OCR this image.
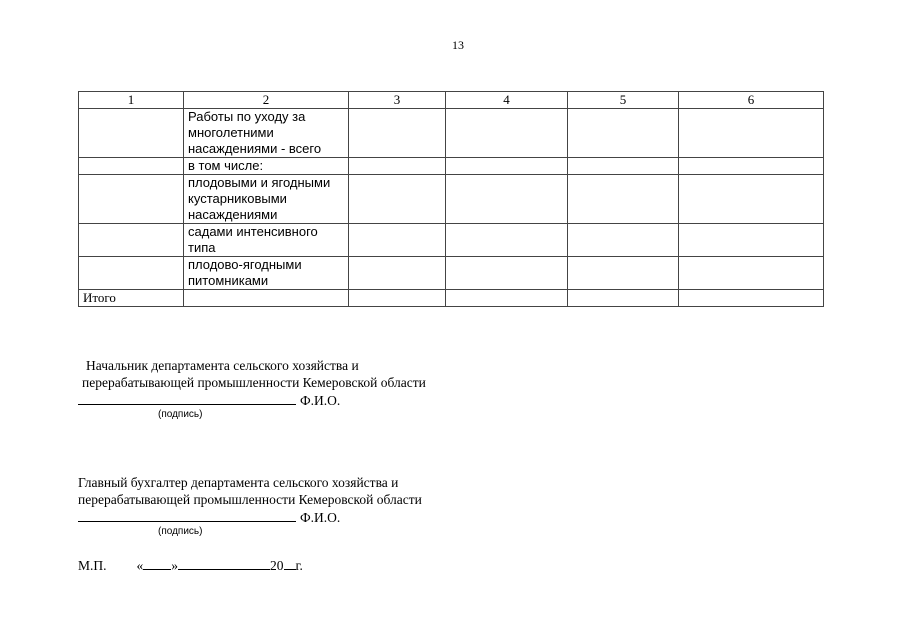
13
1	2	3	4	5	6

	Работы по уходу за
многолетними
насаждениями - всего				

	в том числе:				

	плодовыми и ягодными
кустарниковыми
насаждениями				

	садами интенсивного
типа				

	плодово-ягодными
питомниками				

Итого					
Начальник департамента сельского хозяйства и
перерабатывающей промышленности Кемеровской области
Ф.И.О.
(подпись)
Главный бухгалтер департамента сельского хозяйства и
перерабатывающей промышленности Кемеровской области
Ф.И.О.
(подпись)
М.П. « »	20 г.
